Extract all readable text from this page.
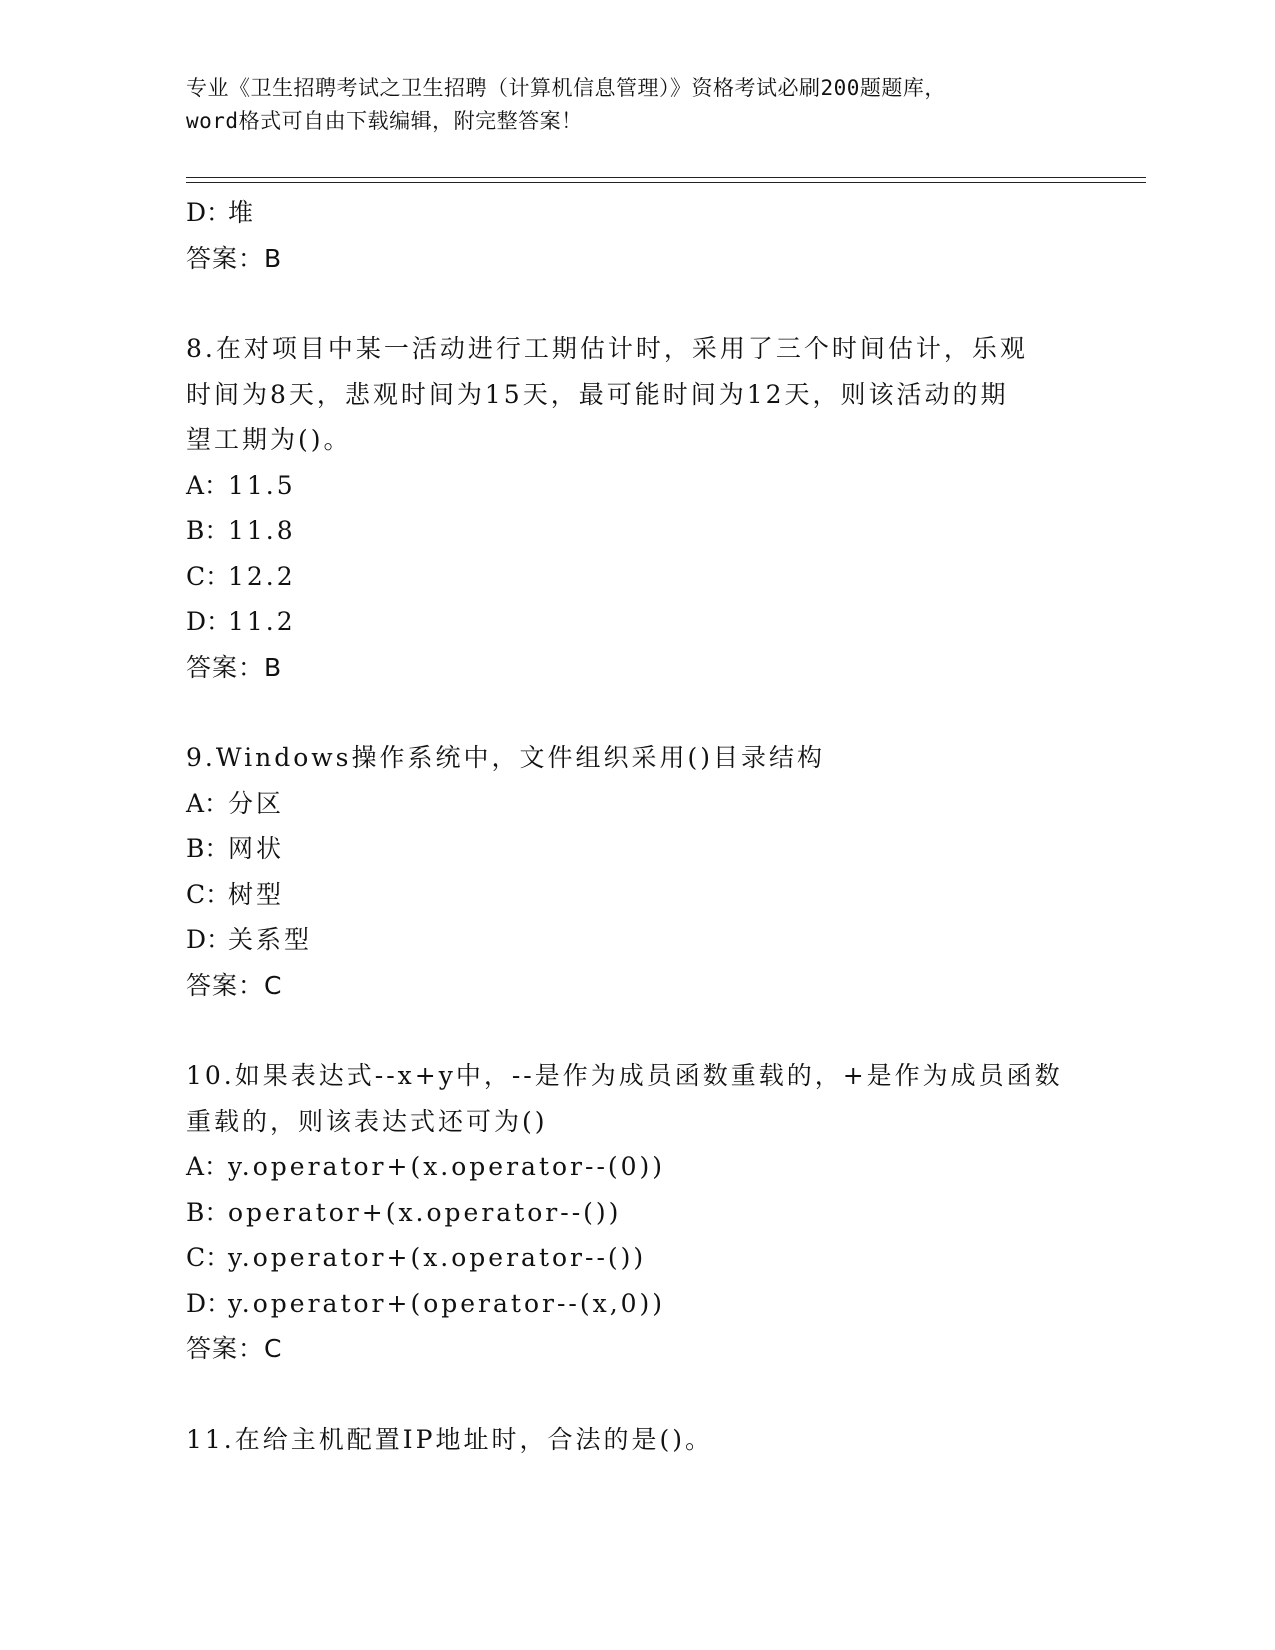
专业《卫生招聘考试之卫生招聘（计算机信息管理）》资格考试必刷200题题库，
word格式可自由下载编辑，附完整答案！
D：堆
答案：B
8.在对项目中某一活动进行工期估计时，采用了三个时间估计，乐观
时间为8天，悲观时间为15天，最可能时间为12天，则该活动的期
望工期为()。
A：11.5
B：11.8
C：12.2
D：11.2
答案：B
9.Windows操作系统中，文件组织采用()目录结构
A：分区
B：网状
C：树型
D：关系型
答案：C
10.如果表达式--x+y中，--是作为成员函数重载的，+是作为成员函数
重载的，则该表达式还可为()
A：y.operator+(x.operator--(0))
B：operator+(x.operator--())
C：y.operator+(x.operator--())
D：y.operator+(operator--(x,0))
答案：C
11.在给主机配置IP地址时，合法的是()。
